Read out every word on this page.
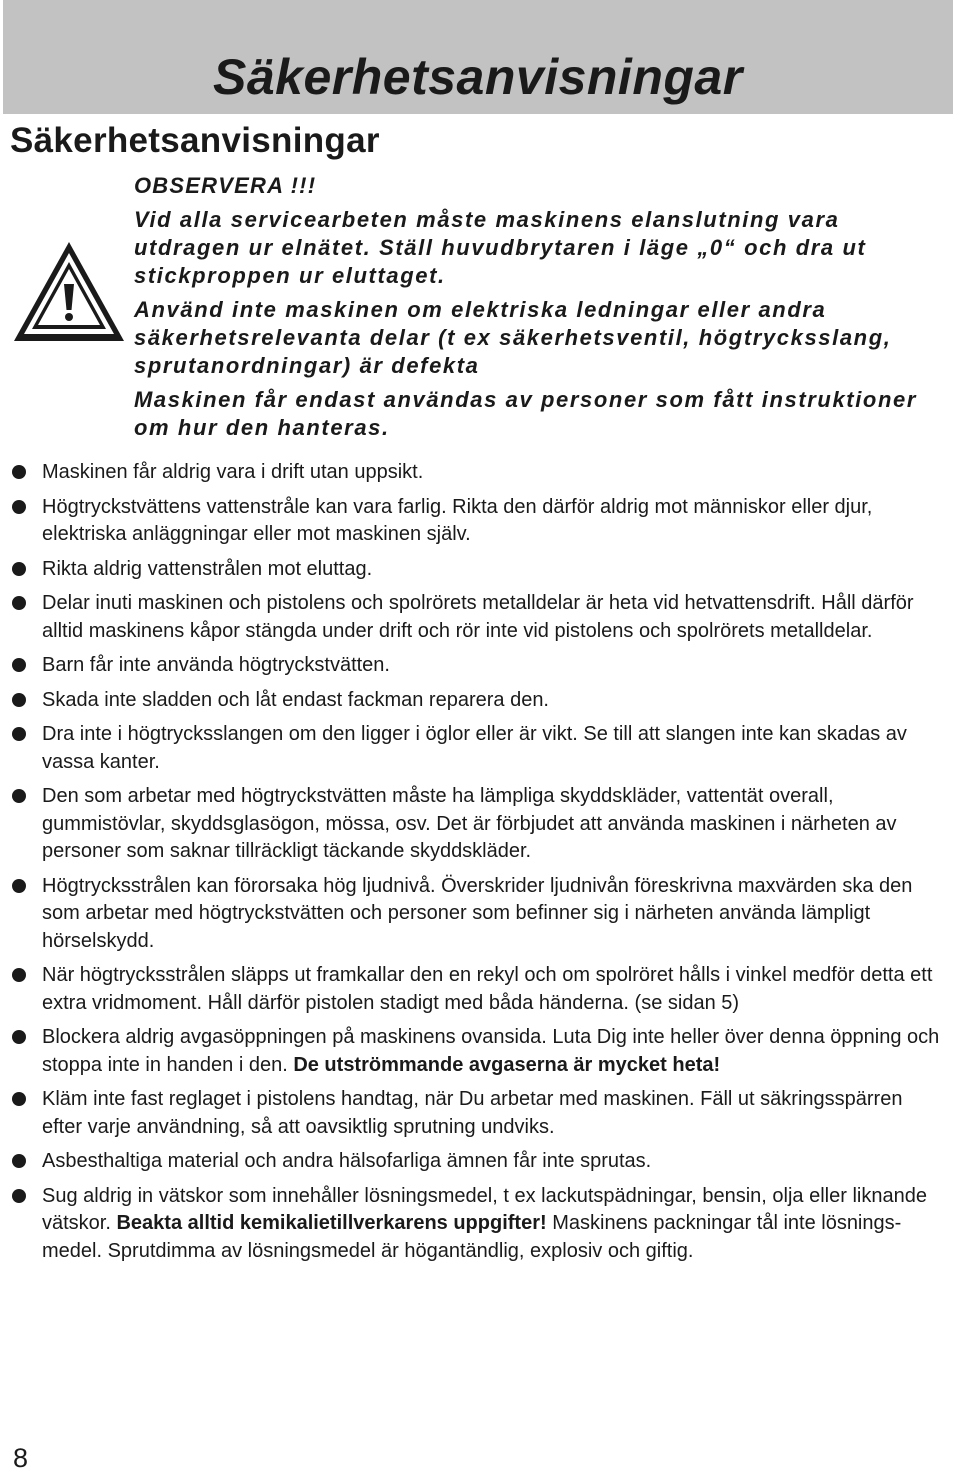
Säkerhetsanvisningar
Säkerhetsanvisningar

OBSERVERA !!!

Vid alla servicearbeten måste maskinens elanslutning vara utdragen ur elnätet. Ställ huvudbrytaren i läge „0“ och dra ut stickproppen ur eluttaget.

Använd inte maskinen om elektriska ledningar eller andra säkerhetsrelevanta delar (t ex säkerhetsventil, högtrycksslang, sprutanordningar) är defekta

Maskinen får endast användas av personer som fått instruktioner om hur den hanteras.

Maskinen får aldrig vara i drift utan uppsikt.
Högtryckstvättens vattenstråle kan vara farlig. Rikta den därför aldrig mot människor eller djur, elektriska anläggningar eller mot maskinen själv.
Rikta aldrig vattenstrålen mot eluttag.
Delar inuti maskinen och pistolens och spolrörets metalldelar är heta vid hetvattensdrift. Håll därför alltid maskinens kåpor stängda under drift och rör inte vid pistolens och spolrörets metalldelar.
Barn får inte använda högtryckstvätten.
Skada inte sladden och låt endast fackman reparera den.
Dra inte i högtrycksslangen om den ligger i öglor eller är vikt. Se till att slangen inte kan skadas av vassa kanter.
Den som arbetar med högtryckstvätten måste ha lämpliga skyddskläder, vattentät overall, gummistövlar, skyddsglasögon, mössa, osv. Det är förbjudet att använda maskinen i närheten av personer som saknar tillräckligt täckande skyddskläder.
Högtrycksstrålen kan förorsaka hög ljudnivå. Överskrider ljudnivån föreskrivna maxvärden ska den som arbetar med högtryckstvätten och personer som befinner sig i närheten använda lämpligt hörselskydd.
När högtrycksstrålen släpps ut framkallar den en rekyl och om spolröret hålls i vinkel medför detta ett extra vridmoment. Håll därför pistolen stadigt med båda händerna. (se sidan 5)
Blockera aldrig avgasöppningen på maskinens ovansida. Luta Dig inte heller över denna öppning och stoppa inte in handen i den. De utströmmande avgaserna är mycket heta!
Kläm inte fast reglaget i pistolens handtag, när Du arbetar med maskinen. Fäll ut säkringsspärren efter varje användning, så att oavsiktlig sprutning undviks.
Asbesthaltiga material och andra hälsofarliga ämnen får inte sprutas.
Sug aldrig in vätskor som innehåller lösningsmedel, t ex lackutspädningar, bensin, olja eller liknande vätskor. Beakta alltid kemikalietillverkarens uppgifter! Maskinens packningar tål inte lösnings-medel. Sprutdimma av lösningsmedel är högantändlig, explosiv och giftig.

8
